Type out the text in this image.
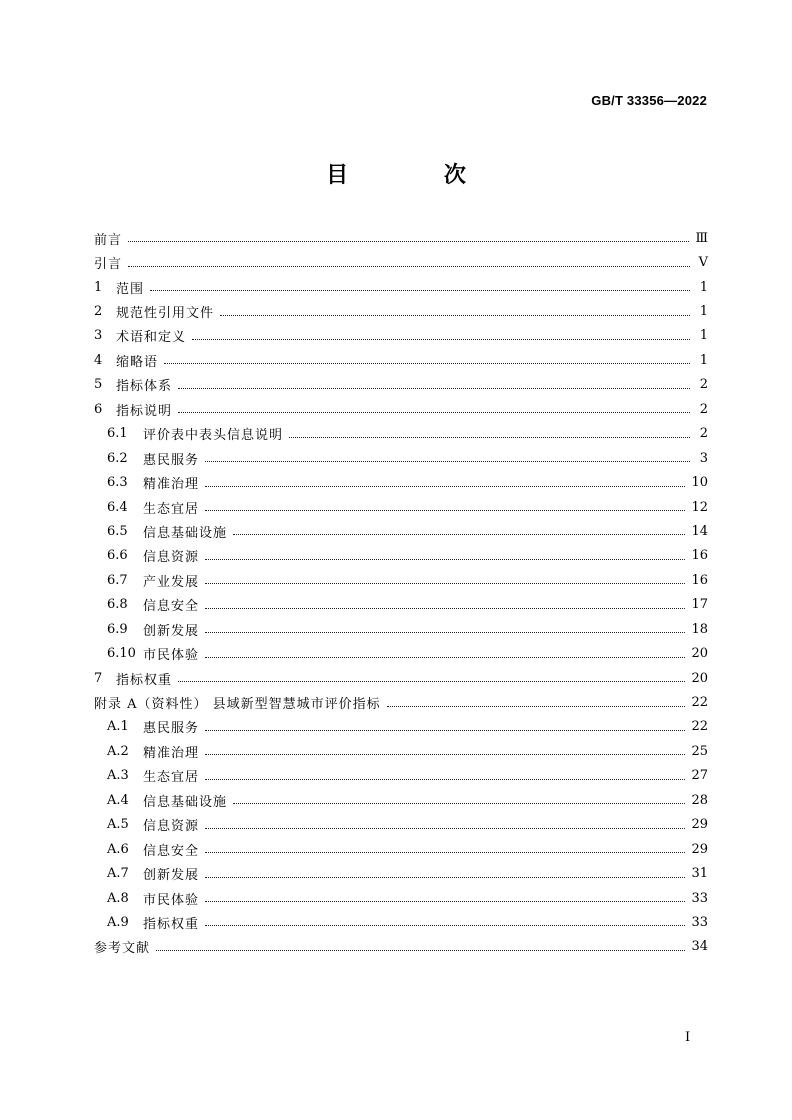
GB/T 33356—2022
目 次
前言	Ⅲ
引言	Ⅴ
1	范围	1
2	规范性引用文件	1
3	术语和定义	1
4	缩略语	1
5	指标体系	2
6	指标说明	2
6.1	评价表中表头信息说明	2
6.2	惠民服务	3
6.3	精准治理	10
6.4	生态宜居	12
6.5	信息基础设施	14
6.6	信息资源	16
6.7	产业发展	16
6.8	信息安全	17
6.9	创新发展	18
6.10 市民体验	20
7	指标权重	20
附录 A（资料性） 县域新型智慧城市评价指标	22
A.1	惠民服务	22
A.2	精准治理	25
A.3	生态宜居	27
A.4	信息基础设施	28
A.5	信息资源	29
A.6	信息安全	29
A.7	创新发展	31
A.8	市民体验	33
A.9	指标权重	33
参考文献	34
I
